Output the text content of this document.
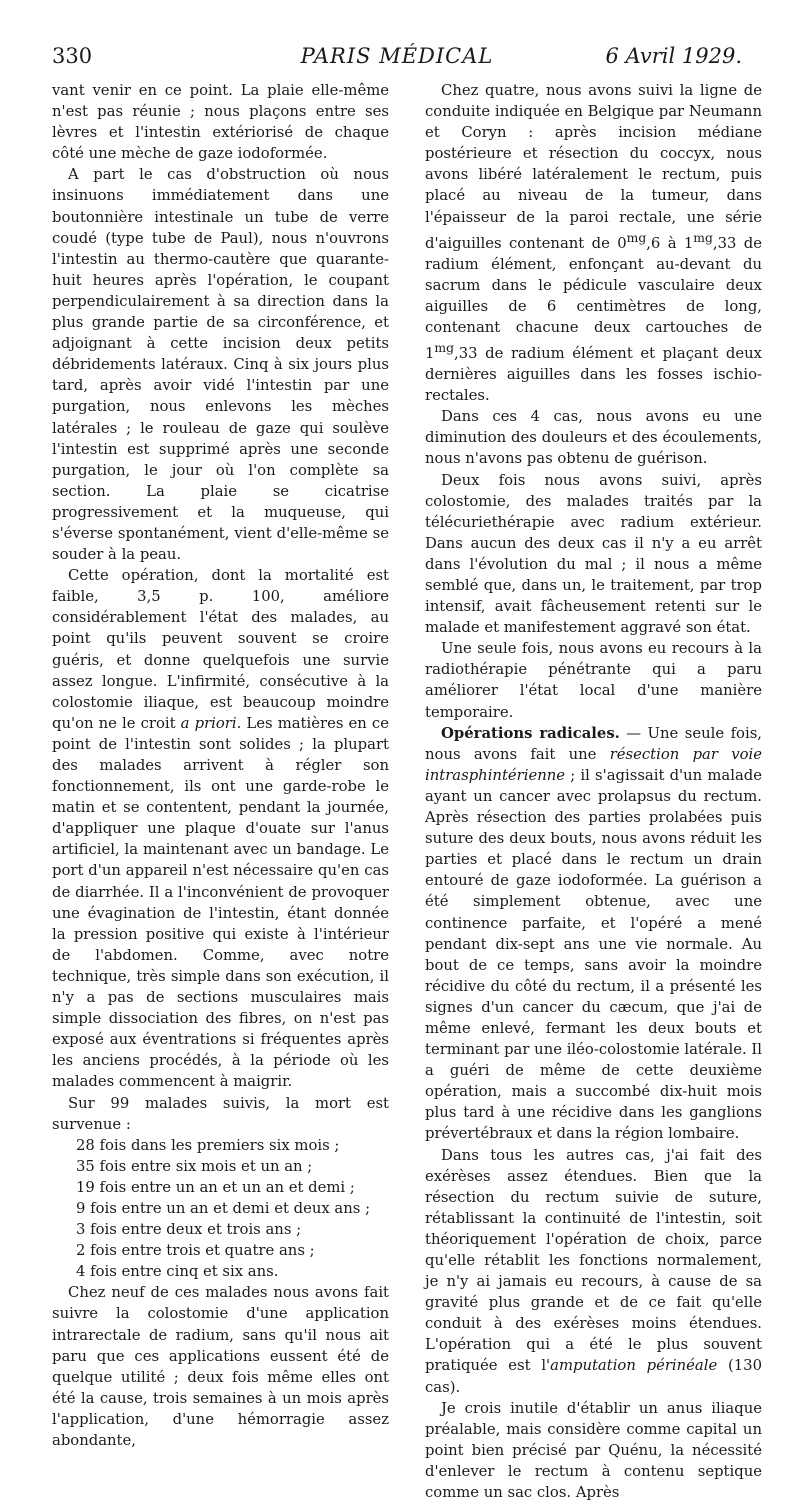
330	PARIS MÉDICAL	6 Avril 1929.

vant venir en ce point. La plaie elle-même n'est pas réunie ; nous plaçons entre ses lèvres et l'intestin extériorisé de chaque côté une mèche de gaze iodoformée.

A part le cas d'obstruction où nous insinuons immédiatement dans une boutonnière intestinale un tube de verre coudé (type tube de Paul), nous n'ouvrons l'intestin au thermo-cautère que quarante-huit heures après l'opération, le coupant perpendiculairement à sa direction dans la plus grande partie de sa circonférence, et adjoignant à cette incision deux petits débridements latéraux. Cinq à six jours plus tard, après avoir vidé l'intestin par une purgation, nous enlevons les mèches latérales ; le rouleau de gaze qui soulève l'intestin est supprimé après une seconde purgation, le jour où l'on complète sa section. La plaie se cicatrise progressivement et la muqueuse, qui s'éverse spontanément, vient d'elle-même se souder à la peau.

Cette opération, dont la mortalité est faible, 3,5 p. 100, améliore considérablement l'état des malades, au point qu'ils peuvent souvent se croire guéris, et donne quelquefois une survie assez longue. L'infirmité, consécutive à la colostomie iliaque, est beaucoup moindre qu'on ne le croit a priori. Les matières en ce point de l'intestin sont solides ; la plupart des malades arrivent à régler son fonctionnement, ils ont une garde-robe le matin et se contentent, pendant la journée, d'appliquer une plaque d'ouate sur l'anus artificiel, la maintenant avec un bandage. Le port d'un appareil n'est nécessaire qu'en cas de diarrhée. Il a l'inconvénient de provoquer une évagination de l'intestin, étant donnée la pression positive qui existe à l'intérieur de l'abdomen. Comme, avec notre technique, très simple dans son exécution, il n'y a pas de sections musculaires mais simple dissociation des fibres, on n'est pas exposé aux éventrations si fréquentes après les anciens procédés, à la période où les malades commencent à maigrir.

Sur 99 malades suivis, la mort est survenue :

28 fois dans les premiers six mois ;

35 fois entre six mois et un an ;

19 fois entre un an et un an et demi ;

9 fois entre un an et demi et deux ans ;

3 fois entre deux et trois ans ;

2 fois entre trois et quatre ans ;

4 fois entre cinq et six ans.

Chez neuf de ces malades nous avons fait suivre la colostomie d'une application intrarectale de radium, sans qu'il nous ait paru que ces applications eussent été de quelque utilité ; deux fois même elles ont été la cause, trois semaines à un mois après l'application, d'une hémorragie assez abondante,

Chez quatre, nous avons suivi la ligne de conduite indiquée en Belgique par Neumann et Coryn : après incision médiane postérieure et résection du coccyx, nous avons libéré latéralement le rectum, puis placé au niveau de la tumeur, dans l'épaisseur de la paroi rectale, une série d'aiguilles contenant de $0^{mg},6$ à $1^{mg},33$ de radium élément, enfonçant au-devant du sacrum dans le pédicule vasculaire deux aiguilles de 6 centimètres de long, contenant chacune deux cartouches de $1^{mg},33$ de radium élément et plaçant deux dernières aiguilles dans les fosses ischio-rectales.

Dans ces 4 cas, nous avons eu une diminution des douleurs et des écoulements, nous n'avons pas obtenu de guérison.

Deux fois nous avons suivi, après colostomie, des malades traités par la télécuriethérapie avec radium extérieur. Dans aucun des deux cas il n'y a eu arrêt dans l'évolution du mal ; il nous a même semblé que, dans un, le traitement, par trop intensif, avait fâcheusement retenti sur le malade et manifestement aggravé son état.

Une seule fois, nous avons eu recours à la radiothérapie pénétrante qui a paru améliorer l'état local d'une manière temporaire.

Opérations radicales. — Une seule fois, nous avons fait une résection par voie intrasphintérienne ; il s'agissait d'un malade ayant un cancer avec prolapsus du rectum. Après résection des parties prolabées puis suture des deux bouts, nous avons réduit les parties et placé dans le rectum un drain entouré de gaze iodoformée. La guérison a été simplement obtenue, avec une continence parfaite, et l'opéré a mené pendant dix-sept ans une vie normale. Au bout de ce temps, sans avoir la moindre récidive du côté du rectum, il a présenté les signes d'un cancer du cæcum, que j'ai de même enlevé, fermant les deux bouts et terminant par une iléo-colostomie latérale. Il a guéri de même de cette deuxième opération, mais a succombé dix-huit mois plus tard à une récidive dans les ganglions prévertébraux et dans la région lombaire.

Dans tous les autres cas, j'ai fait des exérèses assez étendues. Bien que la résection du rectum suivie de suture, rétablissant la continuité de l'intestin, soit théoriquement l'opération de choix, parce qu'elle rétablit les fonctions normalement, je n'y ai jamais eu recours, à cause de sa gravité plus grande et de ce fait qu'elle conduit à des exérèses moins étendues. L'opération qui a été le plus souvent pratiquée est l'amputation périnéale (130 cas).

Je crois inutile d'établir un anus iliaque préalable, mais considère comme capital un point bien précisé par Quénu, la nécessité d'enlever le rectum à contenu septique comme un sac clos. Après
